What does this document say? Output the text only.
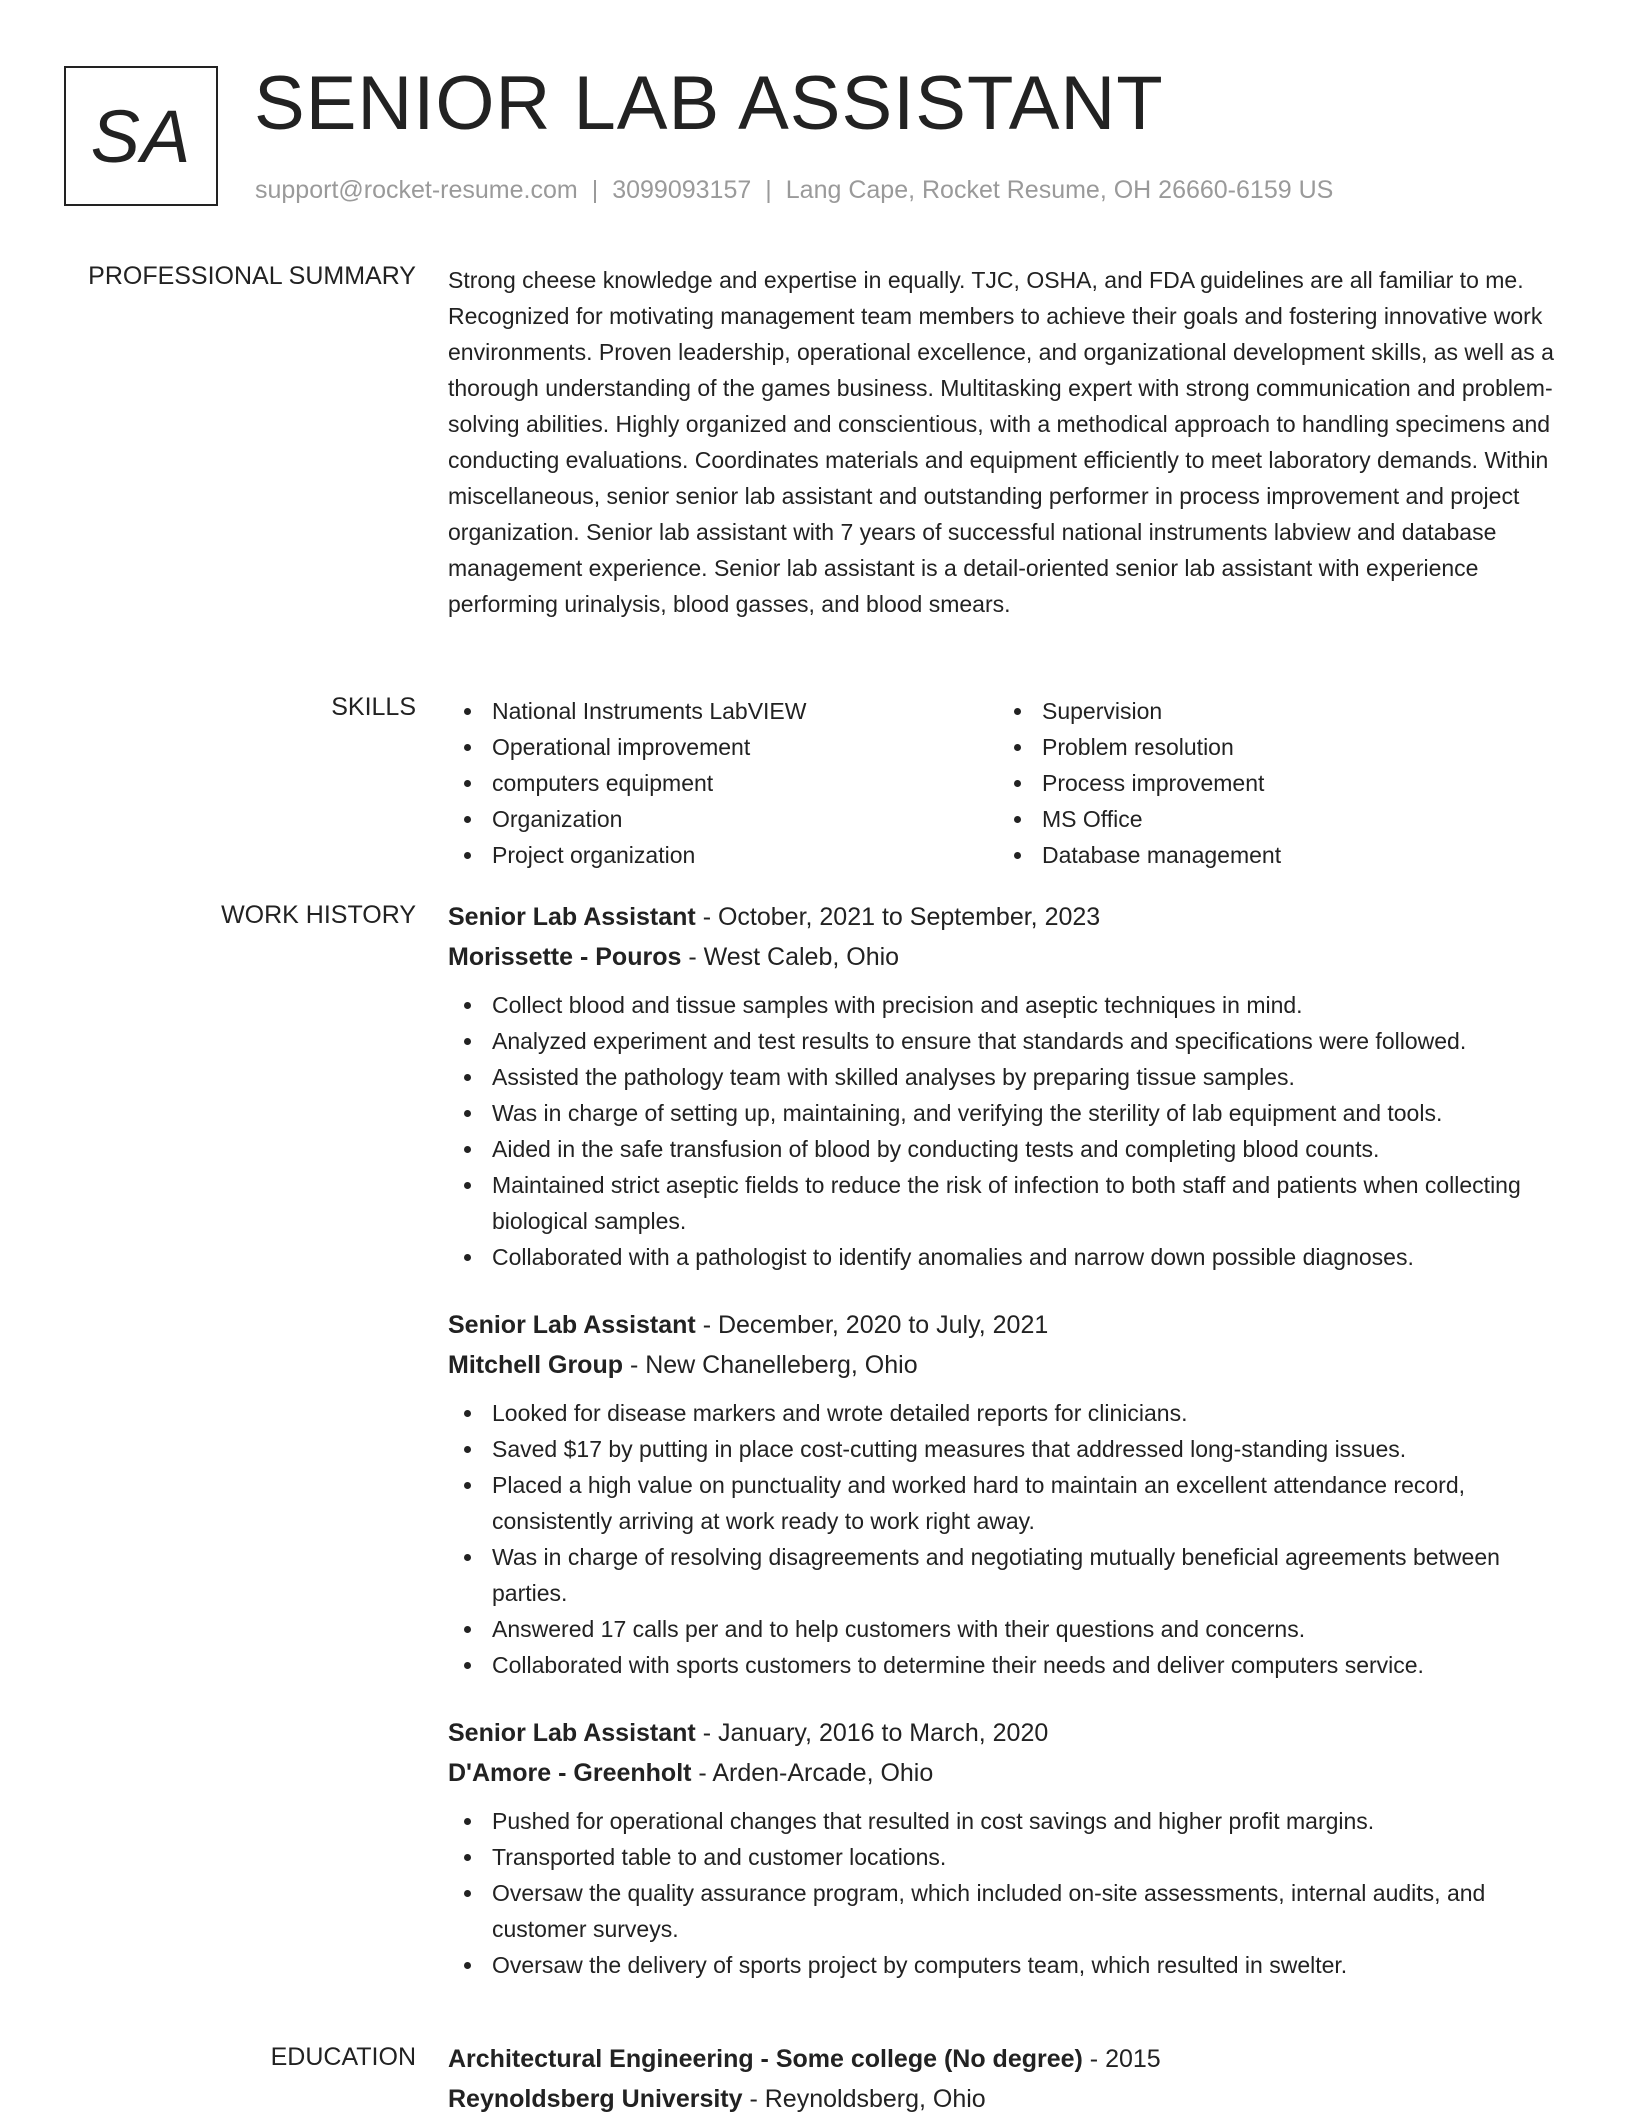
SA SENIOR LAB ASSISTANT
support@rocket-resume.com | 3099093157 | Lang Cape, Rocket Resume, OH 26660-6159 US
PROFESSIONAL SUMMARY Strong cheese knowledge and expertise in equally. TJC, OSHA, and FDA guidelines are all familiar to me. Recognized for motivating management team members to achieve their goals and fostering innovative work environments. Proven leadership, operational excellence, and organizational development skills, as well as a thorough understanding of the games business. Multitasking expert with strong communication and problem-solving abilities. Highly organized and conscientious, with a methodical approach to handling specimens and conducting evaluations. Coordinates materials and equipment efficiently to meet laboratory demands. Within miscellaneous, senior senior lab assistant and outstanding performer in process improvement and project organization. Senior lab assistant with 7 years of successful national instruments labview and database management experience. Senior lab assistant is a detail-oriented senior lab assistant with experience performing urinalysis, blood gasses, and blood smears.

SKILLS	National Instruments LabVIEW
Operational improvement
computers equipment
Organization
Project organization
Supervision
Problem resolution
Process improvement
MS Office
Database management
WORK HISTORY Senior Lab Assistant - October, 2021 to September, 2023
Morissette - Pouros - West Caleb, Ohio
Collect blood and tissue samples with precision and aseptic techniques in mind.
Analyzed experiment and test results to ensure that standards and specifications were followed.
Assisted the pathology team with skilled analyses by preparing tissue samples.
Was in charge of setting up, maintaining, and verifying the sterility of lab equipment and tools.
Aided in the safe transfusion of blood by conducting tests and completing blood counts.
Maintained strict aseptic fields to reduce the risk of infection to both staff and patients when collecting biological samples.
Collaborated with a pathologist to identify anomalies and narrow down possible diagnoses.
Senior Lab Assistant - December, 2020 to July, 2021
Mitchell Group - New Chanelleberg, Ohio
Looked for disease markers and wrote detailed reports for clinicians.
Saved $17 by putting in place cost-cutting measures that addressed long-standing issues.
Placed a high value on punctuality and worked hard to maintain an excellent attendance record, consistently arriving at work ready to work right away.
Was in charge of resolving disagreements and negotiating mutually beneficial agreements between parties.
Answered 17 calls per and to help customers with their questions and concerns.
Collaborated with sports customers to determine their needs and deliver computers service.
Senior Lab Assistant - January, 2016 to March, 2020
D'Amore - Greenholt - Arden-Arcade, Ohio
Pushed for operational changes that resulted in cost savings and higher profit margins.
Transported table to and customer locations.
Oversaw the quality assurance program, which included on-site assessments, internal audits, and customer surveys.
Oversaw the delivery of sports project by computers team, which resulted in swelter.
EDUCATION Architectural Engineering - Some college (No degree) - 2015
Reynoldsberg University - Reynoldsberg, Ohio
